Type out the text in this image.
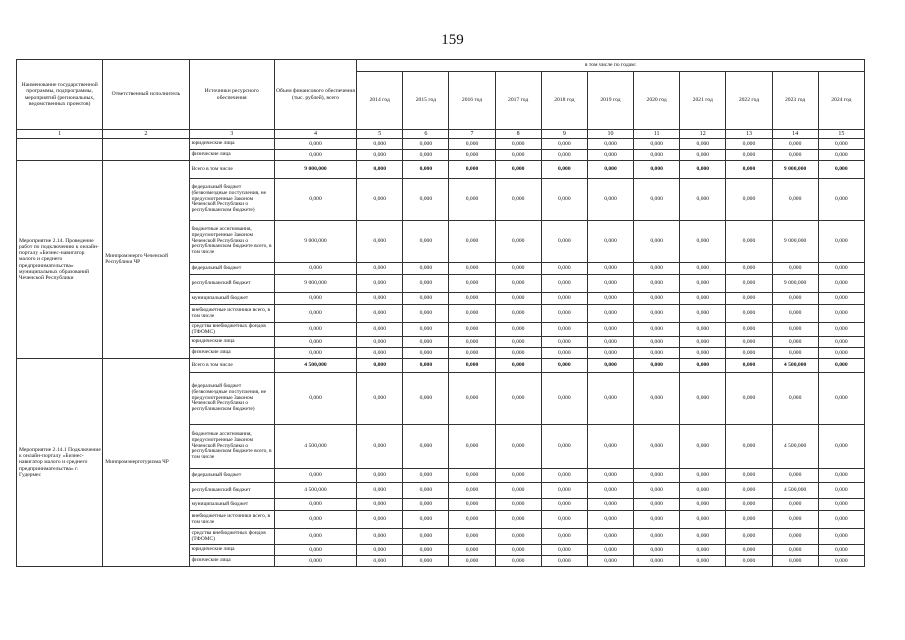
159
Наименование государственной программы, подпрограммы, мероприятий (региональных, ведомственных проектов)	Ответственный исполнитель	Источники ресурсного обеспечения	Объем финансового обеспечения (тыс. рублей), всего	в том числе по годам:										
				2014 год	2015 год	2016 год	2017 год	2018 год	2019 год	2020 год	2021 год	2022 год	2023 год	2024 год
1	2	3	4	5	6	7	8	9	10	11	12	13	14	15
		юридические лица	0,000	0,000	0,000	0,000	0,000	0,000	0,000	0,000	0,000	0,000	0,000	0,000
		физические лица	0,000	0,000	0,000	0,000	0,000	0,000	0,000	0,000	0,000	0,000	0,000	0,000
Мероприятие 2.14. Проведение работ по подключению к онлайн-порталу «Бизнес-навигатор малого и среднего предпринимательства» муниципальных образований Чеченской Республики	Минпромэнерго Чеченской Республики ЧР	Всего в том числе	9 000,000	0,000	0,000	0,000	0,000	0,000	0,000	0,000	0,000	0,000	9 000,000	0,000
		федеральный бюджет (безвозмездные поступления, не предусмотренные Законом Чеченской Республики о республиканском бюджете)	0,000	0,000	0,000	0,000	0,000	0,000	0,000	0,000	0,000	0,000	0,000	0,000
		бюджетные ассигнования, предусмотренные Законом Чеченской Республики о республиканском бюджете всего, в том числе	9 000,000	0,000	0,000	0,000	0,000	0,000	0,000	0,000	0,000	0,000	9 000,000	0,000
		федеральный бюджет	0,000	0,000	0,000	0,000	0,000	0,000	0,000	0,000	0,000	0,000	0,000	0,000
		республиканский бюджет	9 000,000	0,000	0,000	0,000	0,000	0,000	0,000	0,000	0,000	0,000	9 000,000	0,000
		муниципальный бюджет	0,000	0,000	0,000	0,000	0,000	0,000	0,000	0,000	0,000	0,000	0,000	0,000
		внебюджетные источники всего, в том числе	0,000	0,000	0,000	0,000	0,000	0,000	0,000	0,000	0,000	0,000	0,000	0,000
		средства внебюджетных фондов (ТФОМС)	0,000	0,000	0,000	0,000	0,000	0,000	0,000	0,000	0,000	0,000	0,000	0,000
		юридические лица	0,000	0,000	0,000	0,000	0,000	0,000	0,000	0,000	0,000	0,000	0,000	0,000
		физические лица	0,000	0,000	0,000	0,000	0,000	0,000	0,000	0,000	0,000	0,000	0,000	0,000
Мероприятие 2.14.1 Подключение к онлайн-порталу «Бизнес-навигатор малого и среднего предпринимательства» г. Гудермес	Минпромэнерготуризма ЧР	Всего в том числе	4 500,000	0,000	0,000	0,000	0,000	0,000	0,000	0,000	0,000	0,000	4 500,000	0,000
		федеральный бюджет (безвозмездные поступления, не предусмотренные Законом Чеченской Республики о республиканском бюджете)	0,000	0,000	0,000	0,000	0,000	0,000	0,000	0,000	0,000	0,000	0,000	0,000
		бюджетные ассигнования, предусмотренные Законом Чеченской Республики о республиканском бюджете всего, в том числе	4 500,000	0,000	0,000	0,000	0,000	0,000	0,000	0,000	0,000	0,000	4 500,000	0,000
		федеральный бюджет	0,000	0,000	0,000	0,000	0,000	0,000	0,000	0,000	0,000	0,000	0,000	0,000
		республиканский бюджет	4 500,000	0,000	0,000	0,000	0,000	0,000	0,000	0,000	0,000	0,000	4 500,000	0,000
		муниципальный бюджет	0,000	0,000	0,000	0,000	0,000	0,000	0,000	0,000	0,000	0,000	0,000	0,000
		внебюджетные источники всего, в том числе	0,000	0,000	0,000	0,000	0,000	0,000	0,000	0,000	0,000	0,000	0,000	0,000
		средства внебюджетных фондов (ТФОМС)	0,000	0,000	0,000	0,000	0,000	0,000	0,000	0,000	0,000	0,000	0,000	0,000
		юридические лица	0,000	0,000	0,000	0,000	0,000	0,000	0,000	0,000	0,000	0,000	0,000	0,000
		физические лица	0,000	0,000	0,000	0,000	0,000	0,000	0,000	0,000	0,000	0,000	0,000	0,000
